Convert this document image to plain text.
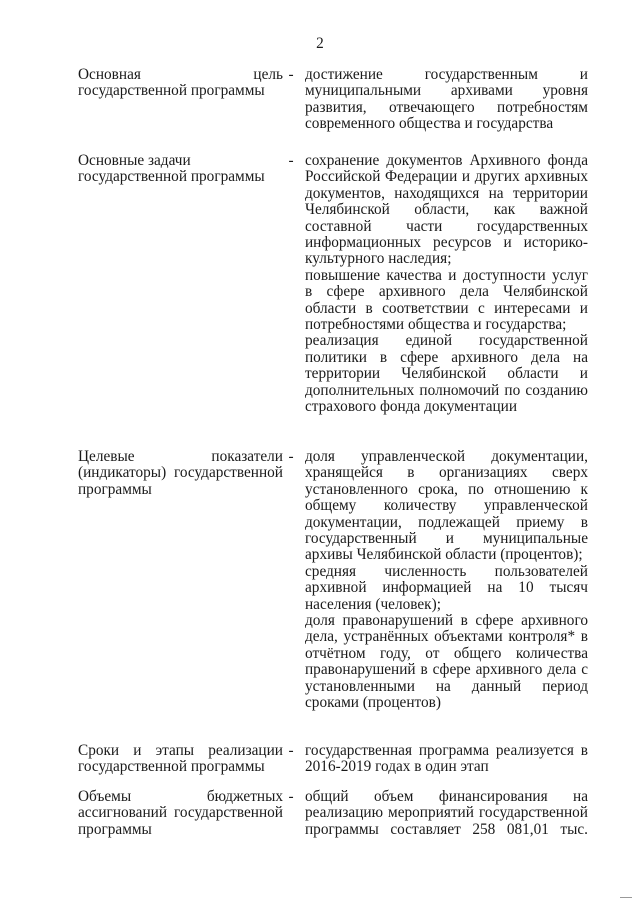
2
Основная цель
государственной программы
- достижение государственным и муниципальными архивами уровня развития, отвечающего потребностям современного общества и государства

Основные задачи
государственной программы
- сохранение документов Архивного фонда Российской Федерации и других архивных документов, находящихся на территории Челябинской области, как важной составной части государственных информационных ресурсов и историко-культурного наследия;

повышение качества и доступности услуг в сфере архивного дела Челябинской области в соответствии с интересами и потребностями общества и государства;

реализация единой государственной политики в сфере архивного дела на территории Челябинской области и дополнительных полномочий по созданию страхового фонда документации

Целевые показатели
(индикаторы) государственной
программы
- доля управленческой документации, хранящейся в организациях сверх установленного срока, по отношению к общему количеству управленческой документации, подлежащей приему в государственный и муниципальные архивы Челябинской области (процентов);

средняя численность пользователей архивной информацией на 10 тысяч населения (человек);

доля правонарушений в сфере архивного дела, устранённых объектами контроля* в отчётном году, от общего количества правонарушений в сфере архивного дела с установленными на данный период сроками (процентов)

Сроки и этапы реализации
государственной программы
- государственная программа реализуется в 2016-2019 годах в один этап

Объемы бюджетных
ассигнований государственной
программы
- общий объем финансирования на реализацию мероприятий государственной программы составляет 258 081,01 тыс.
